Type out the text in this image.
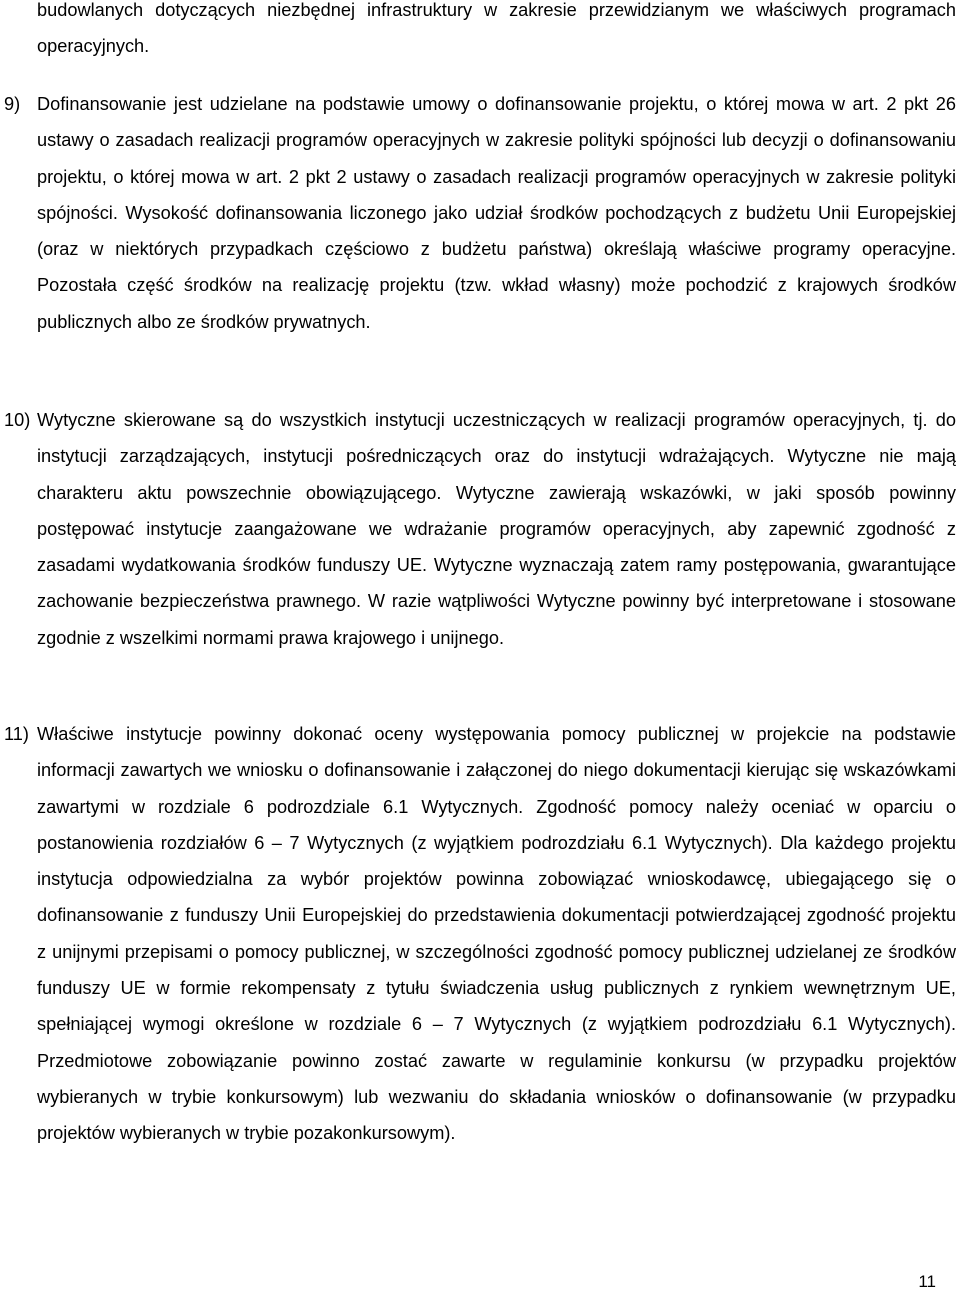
budowlanych dotyczących niezbędnej infrastruktury w zakresie przewidzianym we właściwych programach operacyjnych.

9) Dofinansowanie jest udzielane na podstawie umowy o dofinansowanie projektu, o której mowa w art. 2 pkt 26 ustawy o zasadach realizacji programów operacyjnych w zakresie polityki spójności lub decyzji o dofinansowaniu projektu, o której mowa w art. 2 pkt 2 ustawy o zasadach realizacji programów operacyjnych w zakresie polityki spójności. Wysokość dofinansowania liczonego jako udział środków pochodzących z budżetu Unii Europejskiej (oraz w niektórych przypadkach częściowo z budżetu państwa) określają właściwe programy operacyjne. Pozostała część środków na realizację projektu (tzw. wkład własny) może pochodzić z krajowych środków publicznych albo ze środków prywatnych.
10) Wytyczne skierowane są do wszystkich instytucji uczestniczących w realizacji programów operacyjnych, tj. do instytucji zarządzających, instytucji pośredniczących oraz do instytucji wdrażających. Wytyczne nie mają charakteru aktu powszechnie obowiązującego. Wytyczne zawierają wskazówki, w jaki sposób powinny postępować instytucje zaangażowane we wdrażanie programów operacyjnych, aby zapewnić zgodność z zasadami wydatkowania środków funduszy UE. Wytyczne wyznaczają zatem ramy postępowania, gwarantujące zachowanie bezpieczeństwa prawnego. W razie wątpliwości Wytyczne powinny być interpretowane i stosowane zgodnie z wszelkimi normami prawa krajowego i unijnego.
11) Właściwe instytucje powinny dokonać oceny występowania pomocy publicznej w projekcie na podstawie informacji zawartych we wniosku o dofinansowanie i załączonej do niego dokumentacji kierując się wskazówkami zawartymi w rozdziale 6 podrozdziale 6.1 Wytycznych. Zgodność pomocy należy oceniać w oparciu o postanowienia rozdziałów 6 – 7 Wytycznych (z wyjątkiem podrozdziału 6.1 Wytycznych). Dla każdego projektu instytucja odpowiedzialna za wybór projektów powinna zobowiązać wnioskodawcę, ubiegającego się o dofinansowanie z funduszy Unii Europejskiej do przedstawienia dokumentacji potwierdzającej zgodność projektu z unijnymi przepisami o pomocy publicznej, w szczególności zgodność pomocy publicznej udzielanej ze środków funduszy UE w formie rekompensaty z tytułu świadczenia usług publicznych z rynkiem wewnętrznym UE, spełniającej wymogi określone w rozdziale 6 – 7 Wytycznych (z wyjątkiem podrozdziału 6.1 Wytycznych). Przedmiotowe zobowiązanie powinno zostać zawarte w regulaminie konkursu (w przypadku projektów wybieranych w trybie konkursowym) lub wezwaniu do składania wniosków o dofinansowanie (w przypadku projektów wybieranych w trybie pozakonkursowym).
11
